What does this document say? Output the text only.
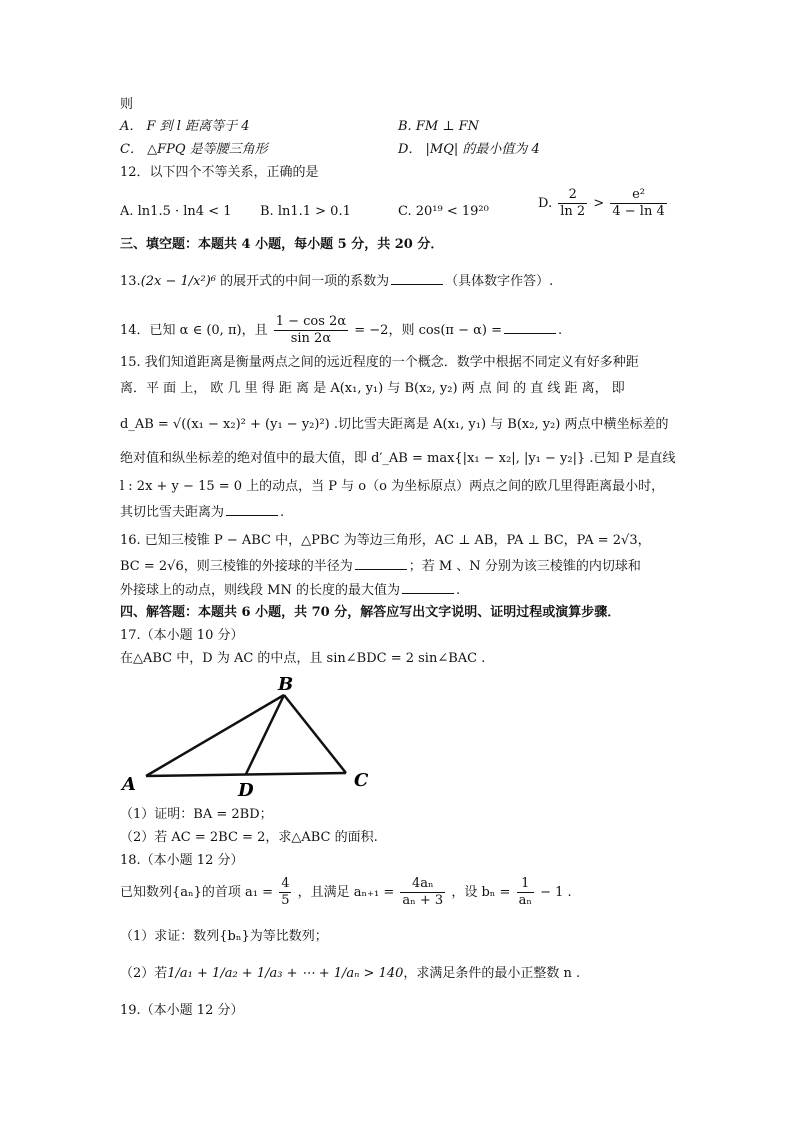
则
A． F 到 l 距离等于 4	B. FM ⊥ FN
C． △FPQ 是等腰三角形	D． |MQ| 的最小值为 4
12．以下四个不等关系，正确的是
A. ln1.5 · ln4 < 1 B. ln1.1 > 0.1	C. 20¹⁹ < 19²⁰
D. $\frac{2}{\ln 2} > \frac{\text{e²}}{4 - \ln 4}$
三、填空题：本题共 4 小题，每小题 5 分，共 20 分．
13.(2x − 1/x²)⁶ 的展开式的中间一项的系数为	（具体数字作答）.
14．已知 α ∈ (0, π)，且 $\frac{1 - \cos 2\alpha}{\sin 2\alpha} = -2$，则 cos(π − α) =	.
15. 我们知道距离是衡量两点之间的远近程度的一个概念．数学中根据不同定义有好多种距
离．平 面 上， 欧 几 里 得 距 离 是 A(x₁, y₁) 与 B(x₂, y₂) 两 点 间 的 直 线 距 离， 即
d_AB = √((x₁ − x₂)² + (y₁ − y₂)²) .切比雪夫距离是 A(x₁, y₁) 与 B(x₂, y₂) 两点中横坐标差的
绝对值和纵坐标差的绝对值中的最大值，即 d′_AB = max{|x₁ − x₂|, |y₁ − y₂|} .已知 P 是直线
l : 2x + y − 15 = 0 上的动点，当 P 与 o（o 为坐标原点）两点之间的欧几里得距离最小时，
其切比雪夫距离为	.
16. 已知三棱锥 P − ABC 中，△PBC 为等边三角形，AC ⊥ AB，PA ⊥ BC，PA = 2√3，
BC = 2√6，则三棱锥的外接球的半径为	；若 M 、N 分别为该三棱锥的内切球和
外接球上的动点，则线段 MN 的长度的最大值为	.
四、解答题：本题共 6 小题，共 70 分，解答应写出文字说明、证明过程或演算步骤．
17.（本小题 10 分）
在△ABC 中，D 为 AC 的中点，且 sin∠BDC = 2 sin∠BAC .
B
A	C
D
（1）证明：BA = 2BD；
（2）若 AC = 2BC = 2，求△ABC 的面积.
18.（本小题 12 分）
已知数列{aₙ}的首项 $a_1 = \frac{4}{5}$ ，且满足 $a_{n+1} = \frac{\text{4aₙ}}{\text{aₙ + 3}}$ ，设 $b_n = \frac{1}{\text{aₙ}} - 1$ .
（1）求证：数列{bₙ}为等比数列；
（2）若1/a₁ + 1/a₂ + 1/a₃ + ⋯ + 1/aₙ > 140，求满足条件的最小正整数 n .
19.（本小题 12 分）
